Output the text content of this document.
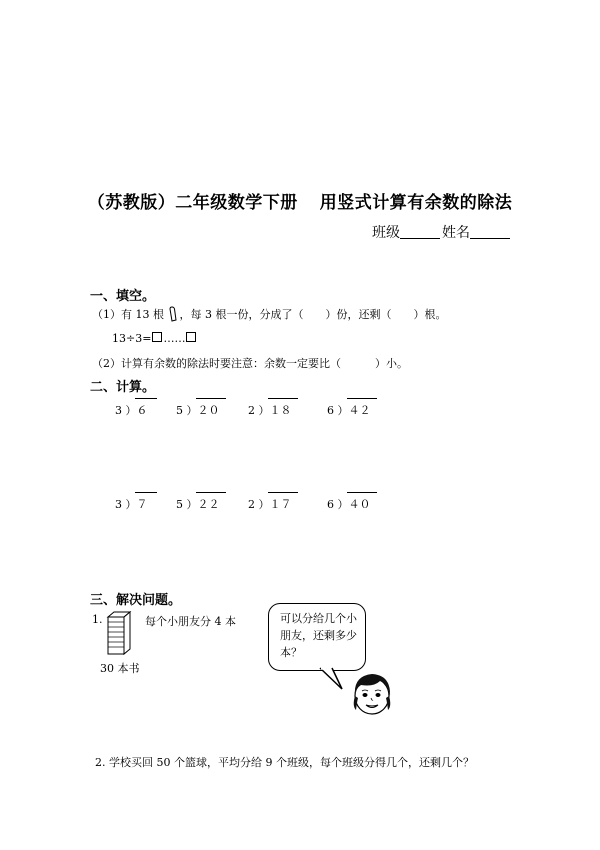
（苏教版）二年级数学下册 用竖式计算有余数的除法
班级	姓名
一、填空。
（1）有 13 根 ，每 3 根一份，分成了（ ）份，还剩（ ）根。
13÷3= ……
（2）计算有余数的除法时要注意：余数一定要比（	）小。
二、计算。
3 ）６	5 ）２０	2 ）１８	6 ）４２
3 ）７	5 ）２２	2 ）１７	6 ）４０
三、解决问题。
1.	每个小朋友分 4 本
30 本书
可以分给几个小朋友，还剩多少本？
2. 学校买回 50 个篮球，平均分给 9 个班级，每个班级分得几个，还剩几个？
